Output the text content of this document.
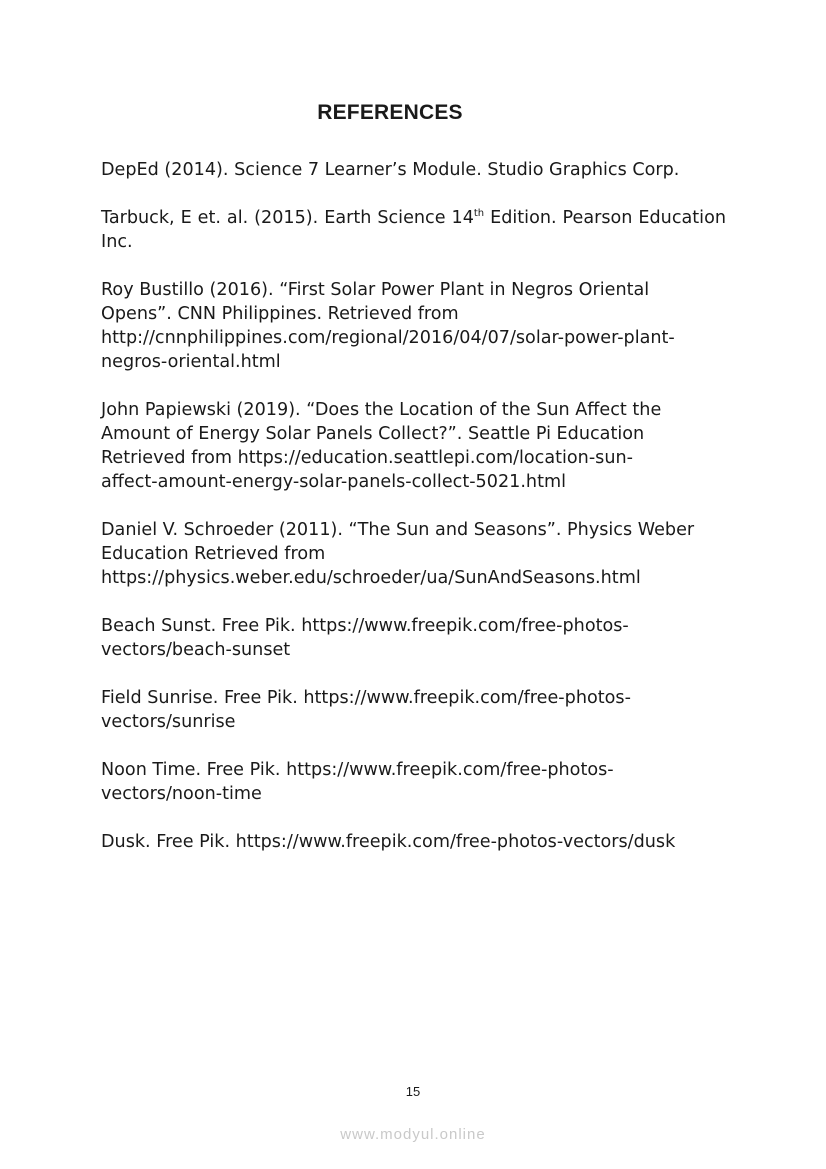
REFERENCES

DepEd (2014). Science 7 Learner’s Module. Studio Graphics Corp.

Tarbuck, E et. al. (2015). Earth Science 14th Edition. Pearson Education Inc.

Roy Bustillo (2016). “First Solar Power Plant in Negros Oriental
Opens”. CNN Philippines. Retrieved from
http://cnnphilippines.com/regional/2016/04/07/solar-power-plant-
negros-oriental.html

John Papiewski (2019). “Does the Location of the Sun Affect the
Amount of Energy Solar Panels Collect?”. Seattle Pi Education
Retrieved from https://education.seattlepi.com/location-sun-
affect-amount-energy-solar-panels-collect-5021.html

Daniel V. Schroeder (2011). “The Sun and Seasons”. Physics Weber
Education Retrieved from
https://physics.weber.edu/schroeder/ua/SunAndSeasons.html

Beach Sunst. Free Pik. https://www.freepik.com/free-photos-
vectors/beach-sunset

Field Sunrise. Free Pik. https://www.freepik.com/free-photos-
vectors/sunrise

Noon Time. Free Pik. https://www.freepik.com/free-photos-
vectors/noon-time

Dusk. Free Pik. https://www.freepik.com/free-photos-vectors/dusk

15
www.modyul.online
